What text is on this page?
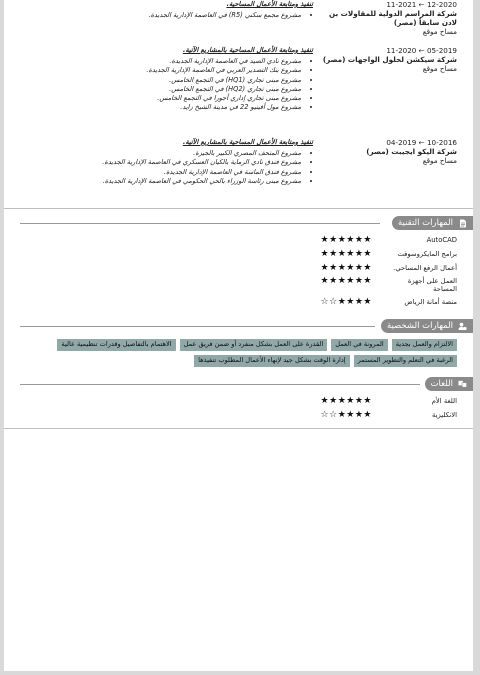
12-2020 ← 11-2021
شركة المراسم الدولية للمقاولات بن لادن سابقاً (مصر)
مساح موقع
تنفيذ ومتابعة الأعمال المساحية.
• مشروع مجمع سكني (R5) في العاصمة الإدارية الجديدة.
05-2019 ← 11-2020
شركة سيكشن لحلول الواجهات (مصر)
مساح موقع
تنفيذ ومتابعة الأعمال المساحية بالمشاريع الآتية.
• مشروع نادي الصيد في العاصمة الإدارية الجديدة.
• مشروع بنك التصدير العربي في العاصمة الإدارية الجديدة.
• مشروع مبنى تجاري (HQ1) في التجمع الخامس.
• مشروع مبنى تجاري (HQ2) في التجمع الخامس.
• مشروع مبنى تجاري إداري أجورا في التجمع الخامس.
• مشروع مول أفينيو 22 في مدينة الشيخ زايد.
10-2016 ← 04-2019
شركة اليكو ايجيبت (مصر)
مساح موقع
تنفيذ ومتابعة الأعمال المساحية بالمشاريع الآتية.
• مشروع المتحف المصري الكبير بالجيزة.
• مشروع فندق نادي الرماية بالكيان العسكري في العاصمة الإدارية الجديدة.
• مشروع فندق الماسة في العاصمة الإدارية الجديدة.
• مشروع مبنى رئاسة الوزراء بالحي الحكومي في العاصمة الإدارية الجديدة.
المهارات التقنية
AutoCAD
★★★★★★
برامج المايكروسوفت
★★★★★★
أعمال الرفع المساحي.
★★★★★★
العمل على أجهزة المساحة
★★★★★★
منصة أمانة الرياض
☆☆★★★★
المهارات الشخصية
الالتزام والعمل بجدية
المرونة في العمل
القدرة على العمل بشكل منفرد أو ضمن فريق عمل
الاهتمام بالتفاصيل وقدرات تنظيمية عالية
الرغبة في التعلم والتطوير المستمر
إدارة الوقت بشكل جيد لإنهاء الأعمال المطلوب تنفيذها
اللغات
اللغة الأم
★★★★★★
الانكليزية
☆☆★★★★
